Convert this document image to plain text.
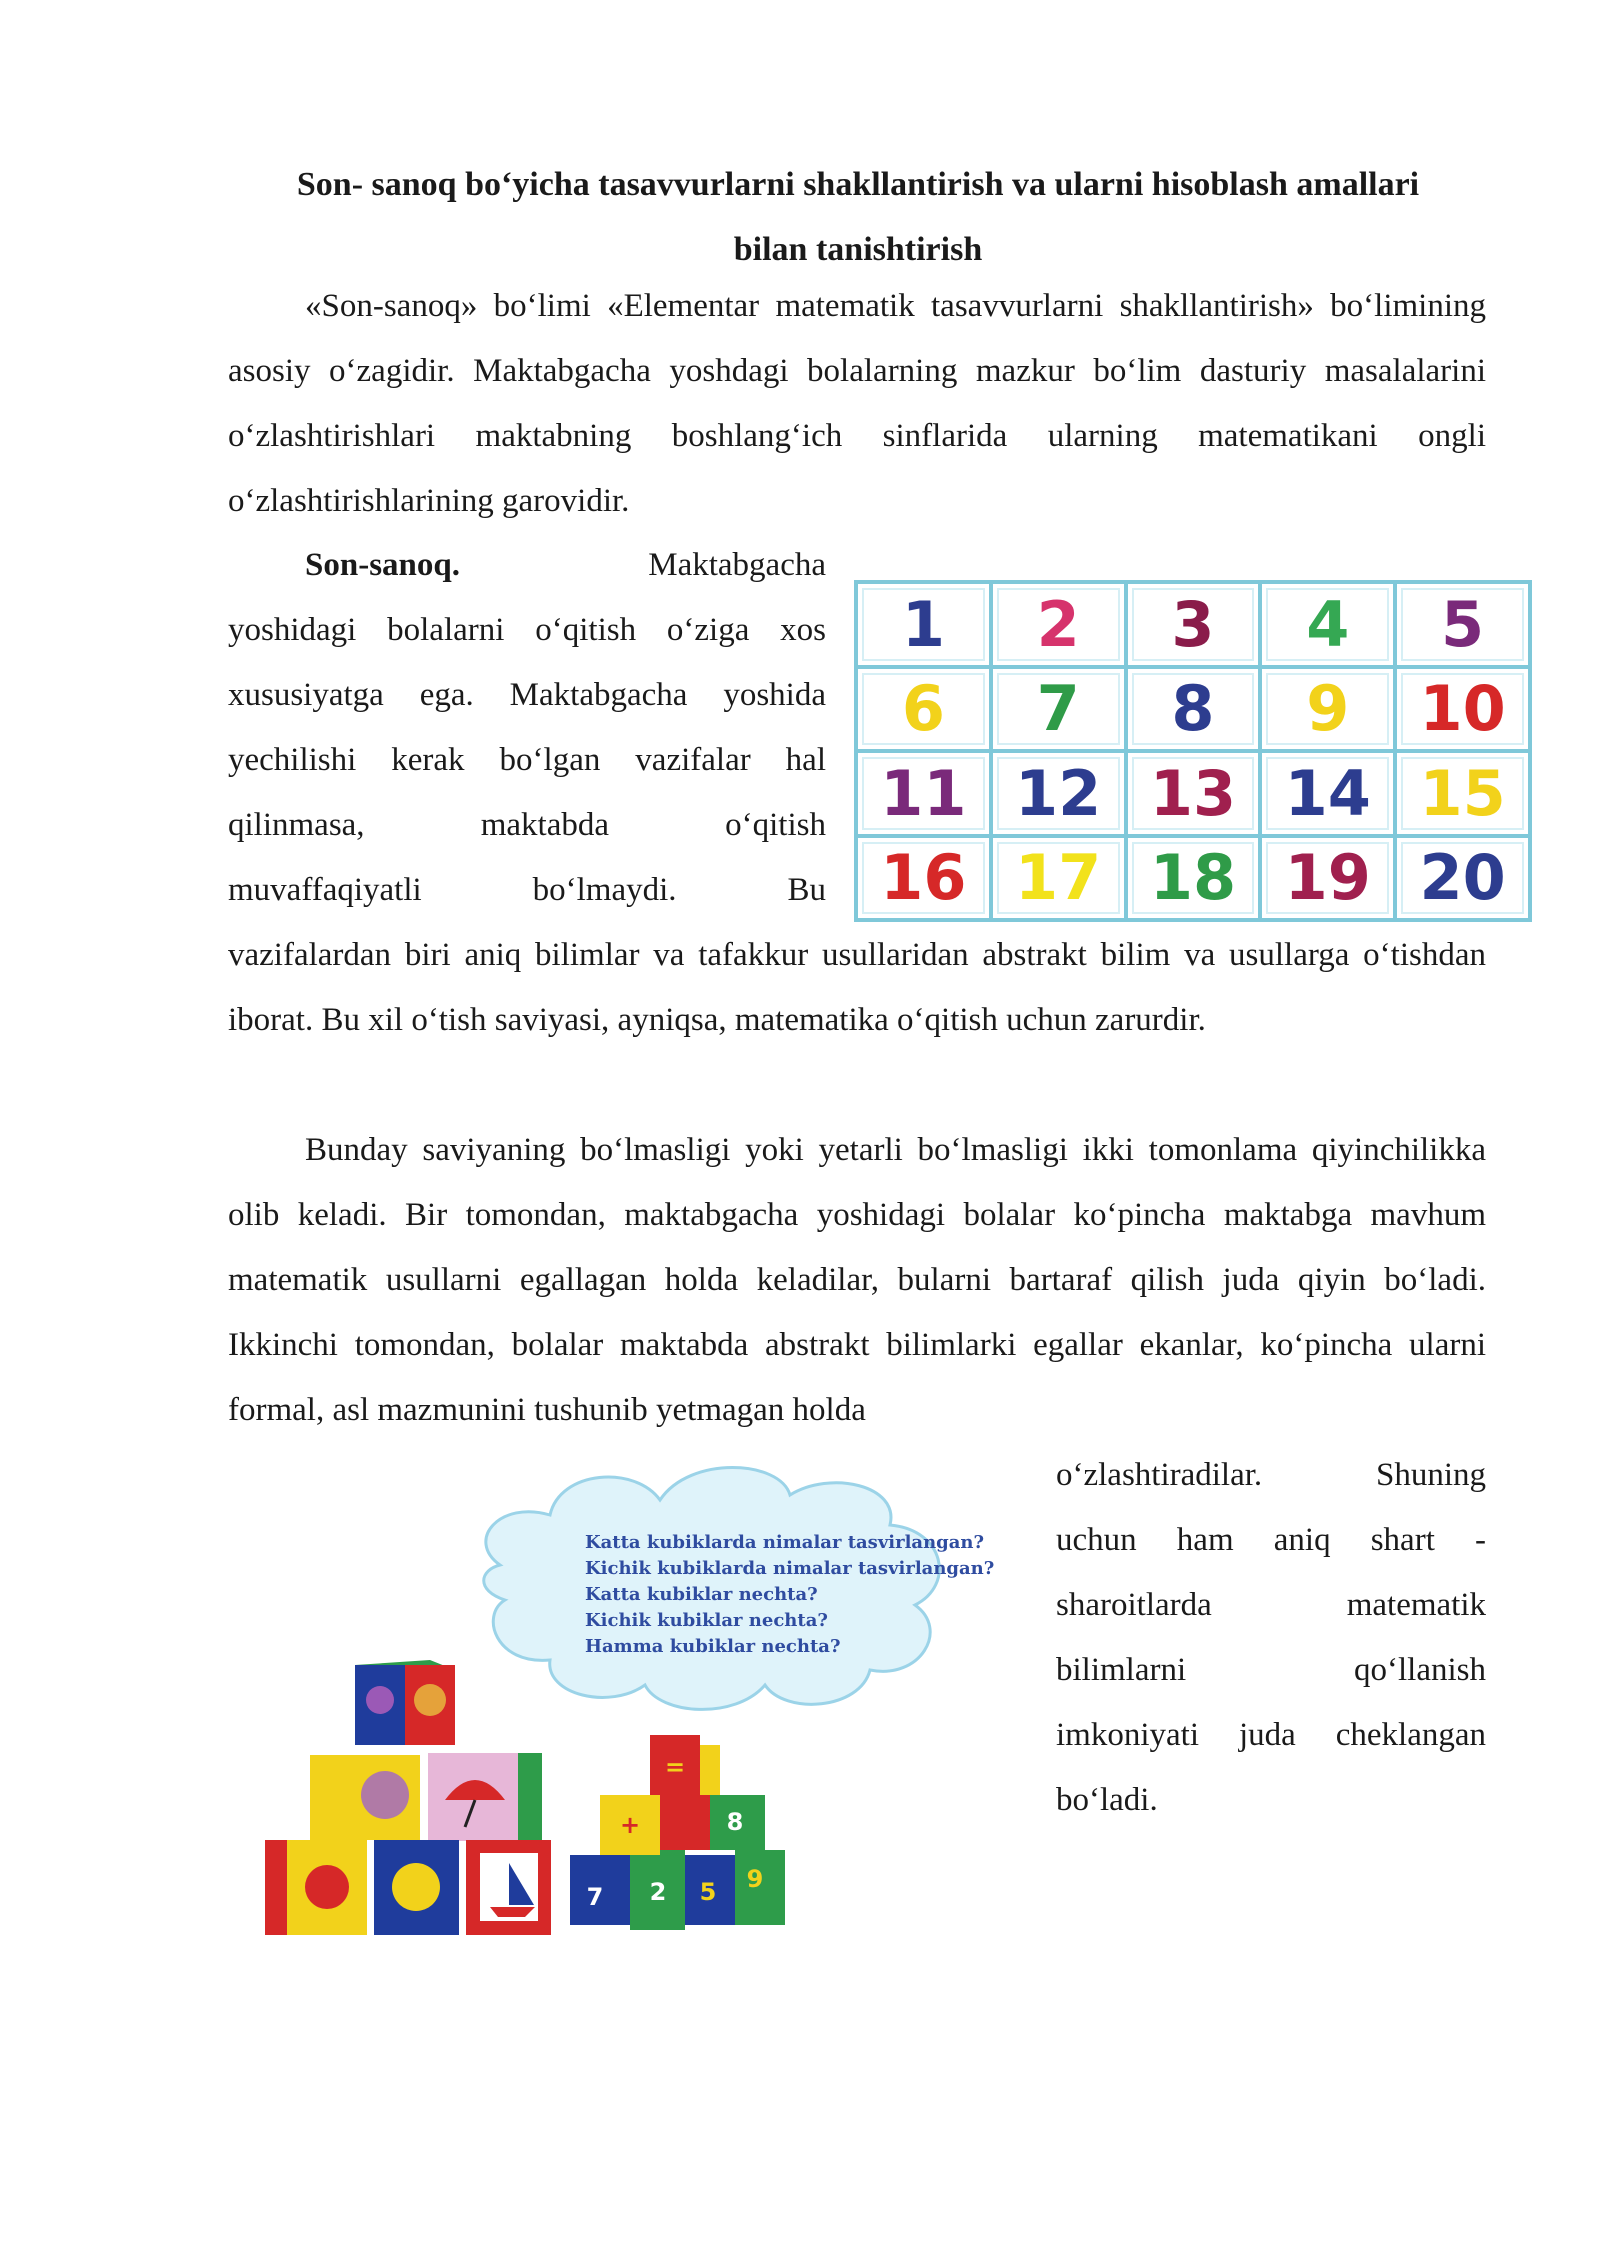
Son- sanoq bo‘yicha tasavvurlarni shakllantirish va ularni hisoblash amallari
bilan tanishtirish
«Son-sanoq» bo‘limi «Elementar matematik tasavvurlarni shakllantirish» bo‘limining asosiy o‘zagidir. Maktabgacha yoshdagi bolalarning mazkur bo‘lim dasturiy masalalarini o‘zlashtirishlari maktabning boshlang‘ich sinflarida ularning matematikani ongli o‘zlashtirishlarining garovidir.
Son-sanoq.	Maktabgacha
yoshidagi bolalarni o‘qitish o‘ziga xos
xususiyatga ega. Maktabgacha yoshida
yechilishi kerak bo‘lgan vazifalar hal
qilinmasa, maktabda o‘qitish
muvaffaqiyatli bo‘lmaydi. Bu
1	2	3	4	5
6	7	8	9	10
11 12 13 14 15
16 17 18 19 20
vazifalardan biri aniq bilimlar va tafakkur usullaridan abstrakt bilim va usullarga o‘tishdan iborat. Bu xil o‘tish saviyasi, ayniqsa, matematika o‘qitish uchun zarurdir.
Bunday saviyaning bo‘lmasligi yoki yetarli bo‘lmasligi ikki tomonlama qiyinchilikka olib keladi. Bir tomondan, maktabgacha yoshidagi bolalar ko‘pincha maktabga mavhum matematik usullarni egallagan holda keladilar, bularni bartaraf qilish juda qiyin bo‘ladi. Ikkinchi tomondan, bolalar maktabda abstrakt bilimlarki egallar ekanlar, ko‘pincha ularni formal, asl mazmunini tushunib yetmagan holda
o‘zlashtiradilar. Shuning
uchun ham aniq shart -
sharoitlarda matematik
bilimlarni qo‘llanish
imkoniyati juda cheklangan
bo‘ladi.
=
8
9
2 5
7
+
Katta kubiklarda nimalar tasvirlangan?
Kichik kubiklarda nimalar tasvirlangan?
Katta kubiklar nechta?
Kichik kubiklar nechta?
Hamma kubiklar nechta?
